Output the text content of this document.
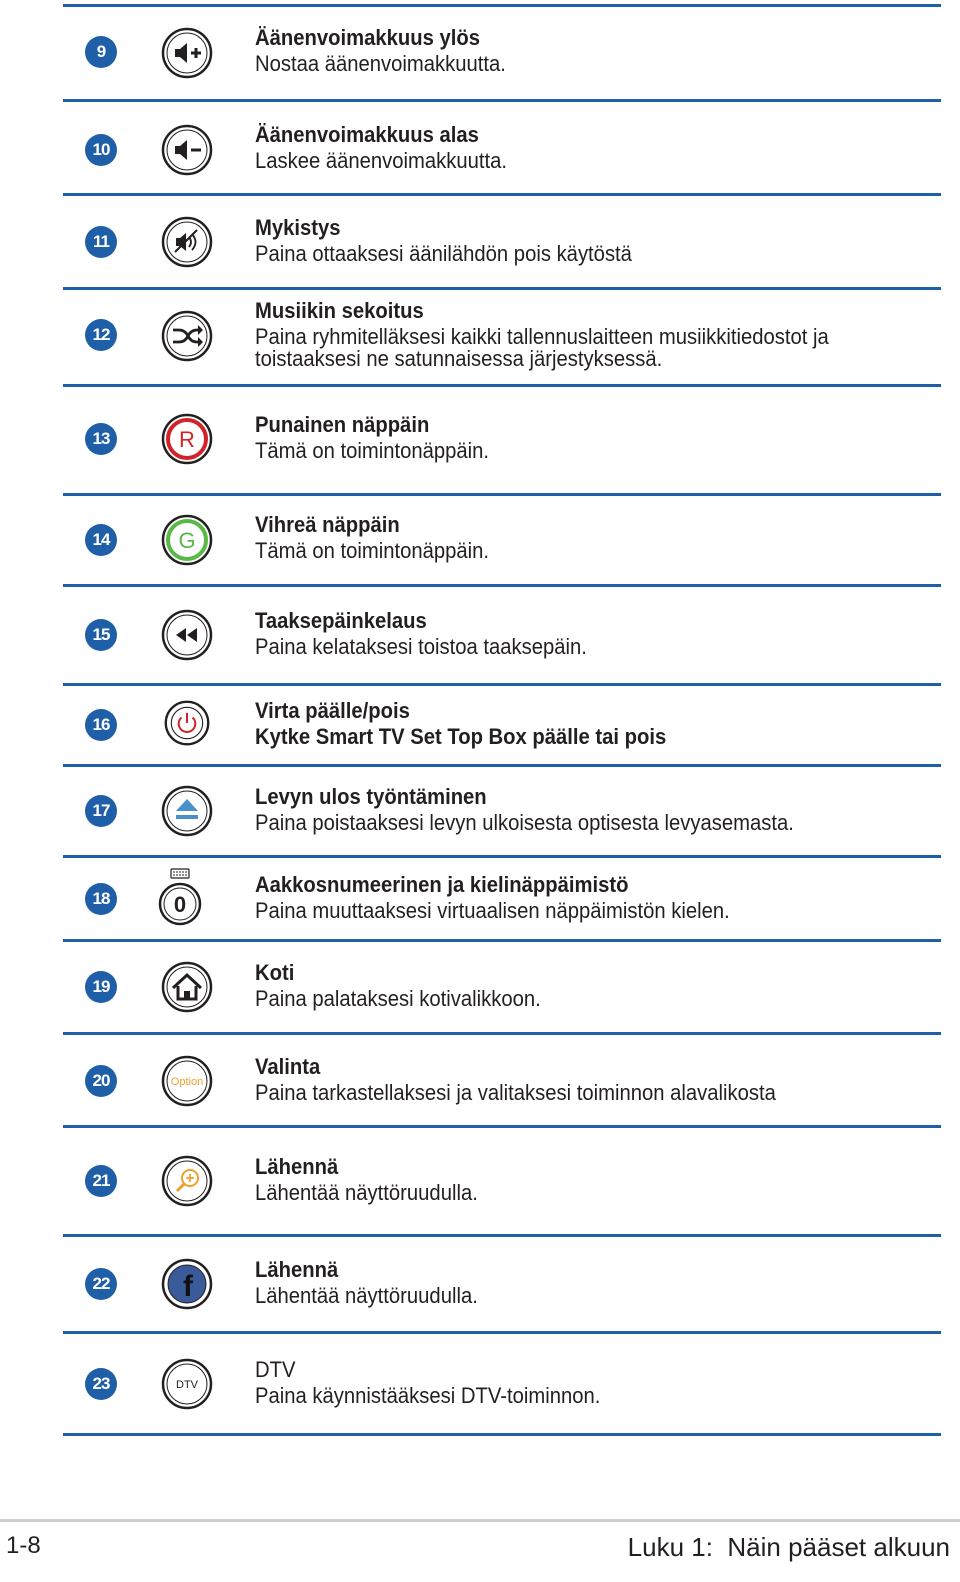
9
Äänenvoimakkuus ylös
Nostaa äänenvoimakkuutta.
10
Äänenvoimakkuus alas
Laskee äänenvoimakkuutta.
11
Mykistys
Paina ottaaksesi äänilähdön pois käytöstä
12
Musiikin sekoitus
Paina ryhmitelläksesi kaikki tallennuslaitteen musiikkitiedostot ja toistaaksesi ne satunnaisessa järjestyksessä.
13	R
Punainen näppäin
Tämä on toimintonäppäin.
14	G
Vihreä näppäin
Tämä on toimintonäppäin.
15
Taaksepäinkelaus
Paina kelataksesi toistoa taaksepäin.
16
Virta päälle/pois
Kytke Smart TV Set Top Box päälle tai pois
17
Levyn ulos työntäminen
Paina poistaaksesi levyn ulkoisesta optisesta levyasemasta.
18	0
Aakkosnumeerinen ja kielinäppäimistö
Paina muuttaaksesi virtuaalisen näppäimistön kielen.
19
Koti
Paina palataksesi kotivalikkoon.
20	Option
Valinta
Paina tarkastellaksesi ja valitaksesi toiminnon alavalikosta
21
Lähennä
Lähentää näyttöruudulla.
22 f
Lähennä
Lähentää näyttöruudulla.
23	DTV
DTV
Paina käynnistääksesi DTV-toiminnon.
1-8	Luku 1:  Näin pääset alkuun
